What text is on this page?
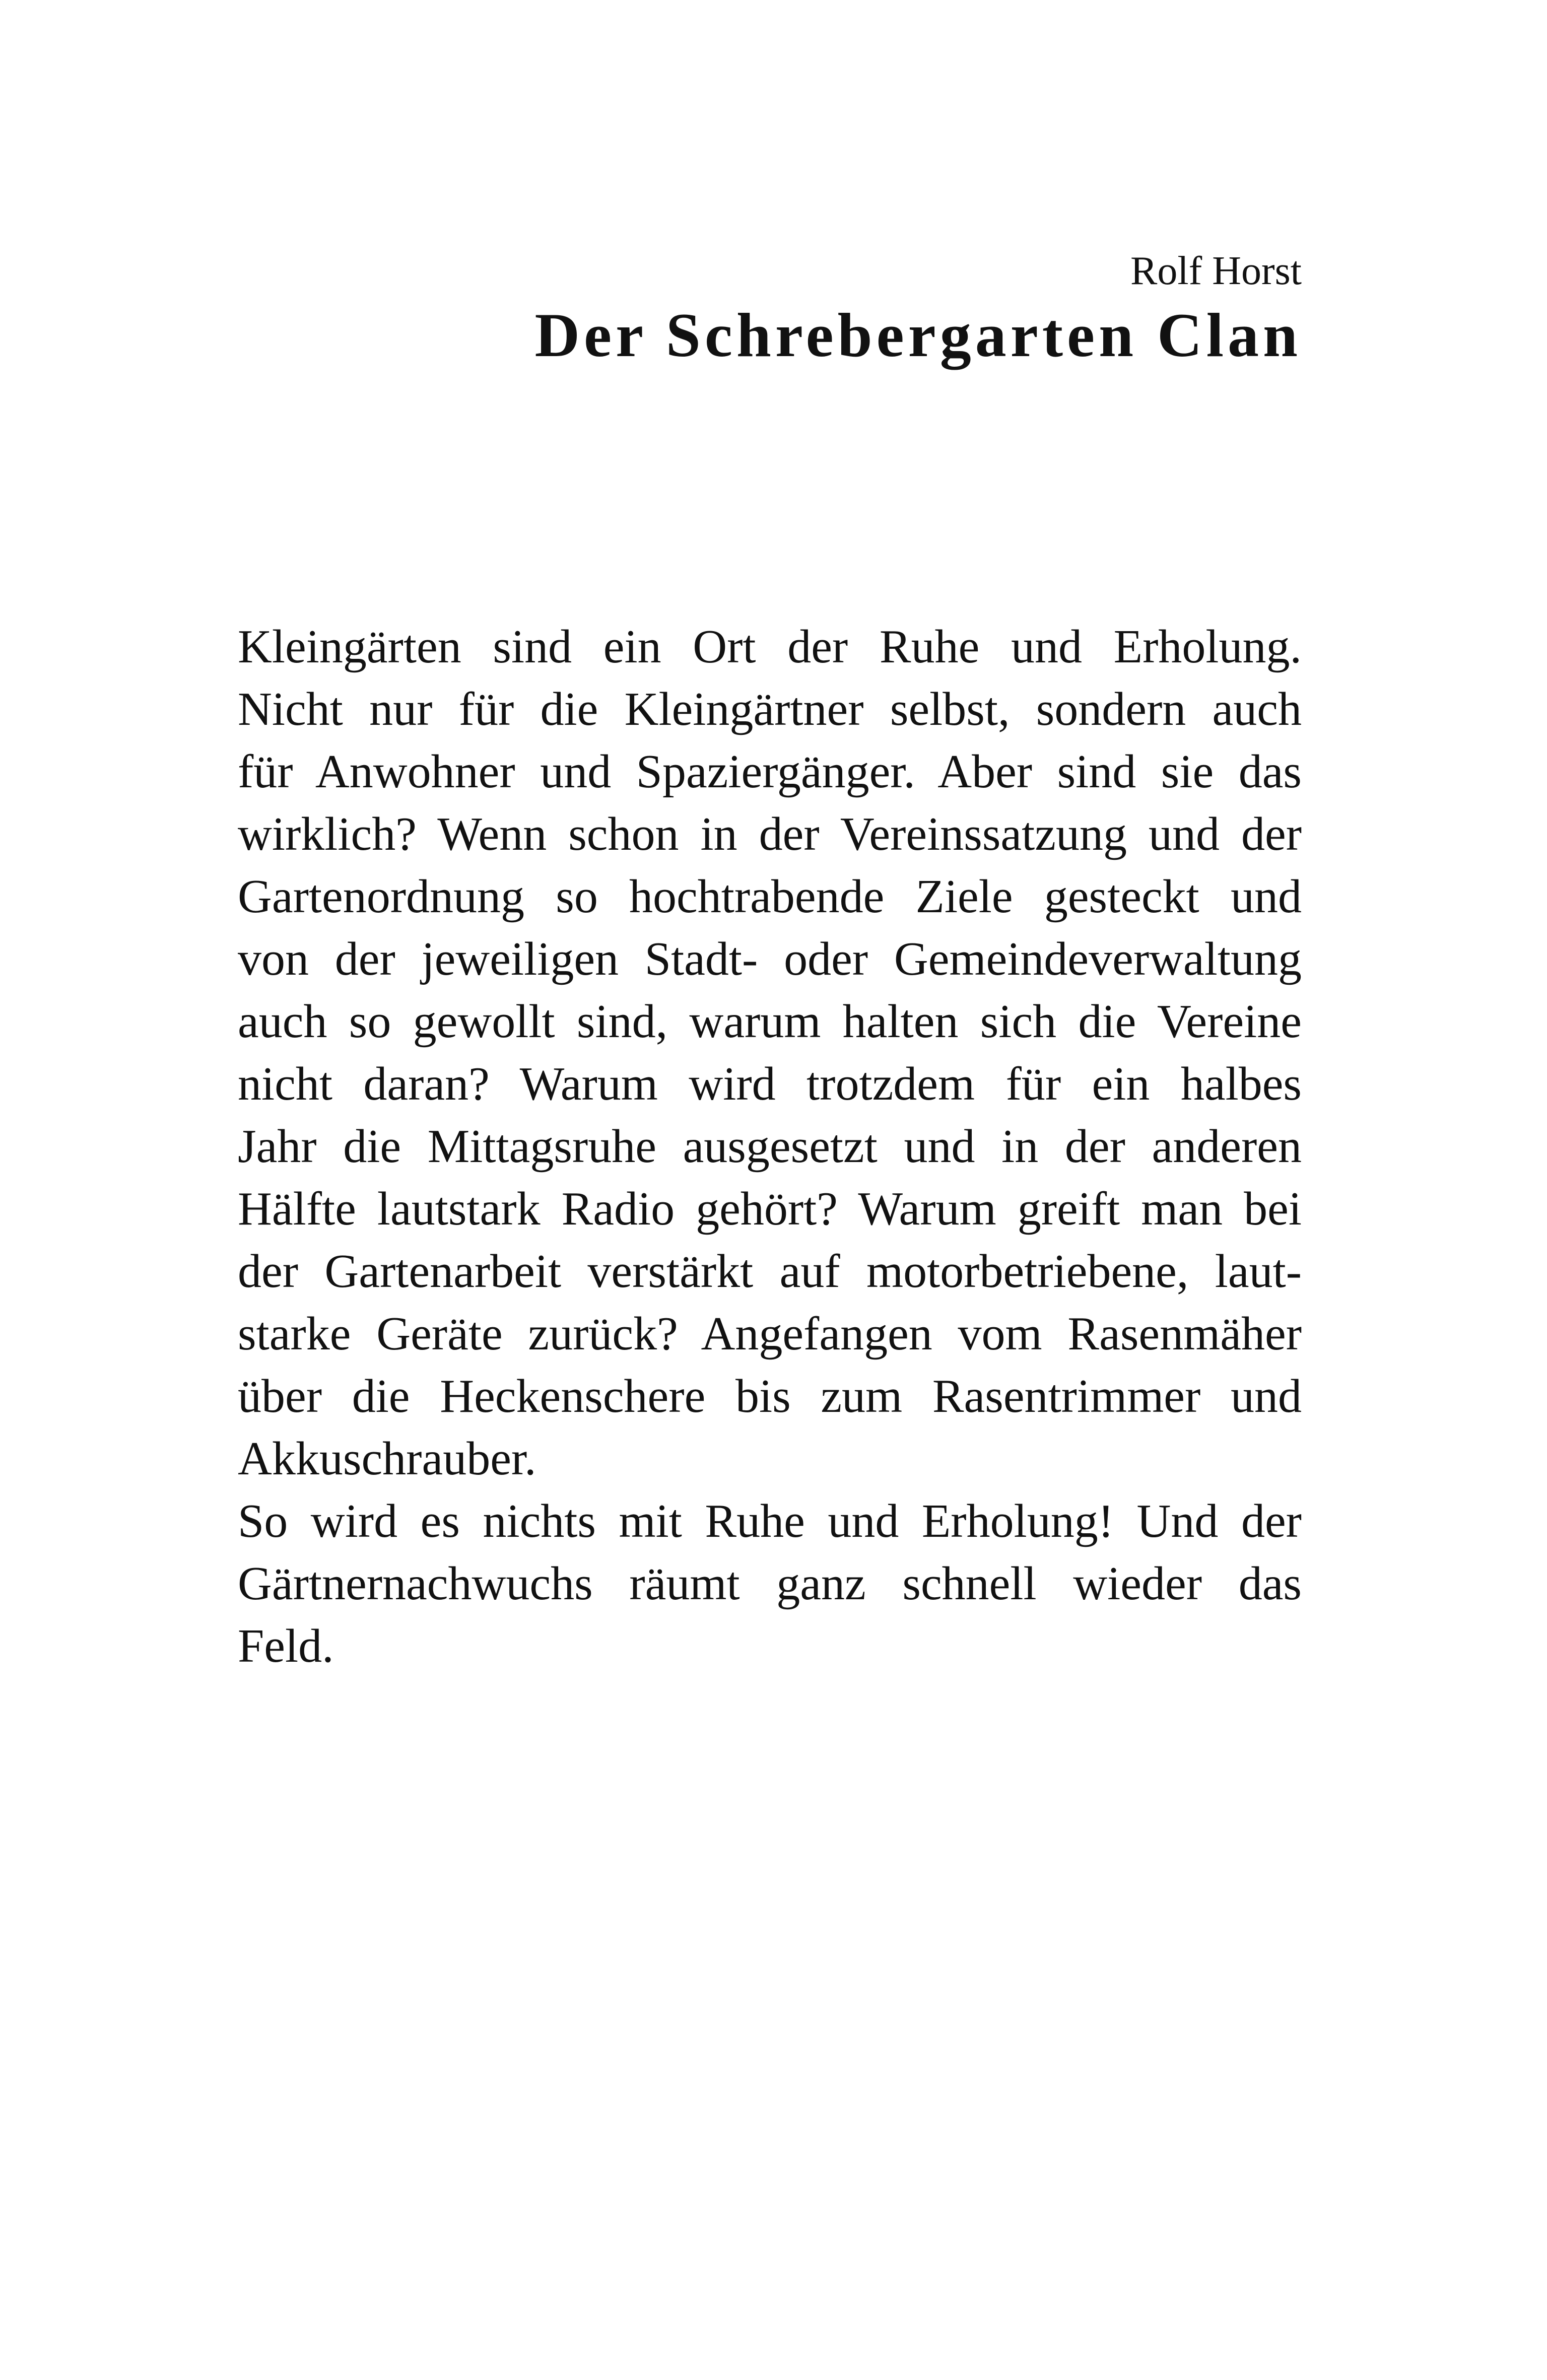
Rolf Horst

Der Schrebergarten Clan
Kleingärten sind ein Ort der Ruhe und Erholung.
Nicht nur für die Kleingärtner selbst, sondern auch
für Anwohner und Spaziergänger. Aber sind sie das
wirklich? Wenn schon in der Vereinssatzung und der
Gartenordnung so hochtrabende Ziele gesteckt und
von der jeweiligen Stadt- oder Gemeindeverwaltung
auch so gewollt sind, warum halten sich die Vereine
nicht daran? Warum wird trotzdem für ein halbes
Jahr die Mittagsruhe ausgesetzt und in der anderen
Hälfte lautstark Radio gehört? Warum greift man bei
der Gartenarbeit verstärkt auf motorbetriebene, laut-
starke Geräte zurück? Angefangen vom Rasenmäher
über die Heckenschere bis zum Rasentrimmer und
Akkuschrauber.
So wird es nichts mit Ruhe und Erholung! Und der
Gärtnernachwuchs räumt ganz schnell wieder das
Feld.
